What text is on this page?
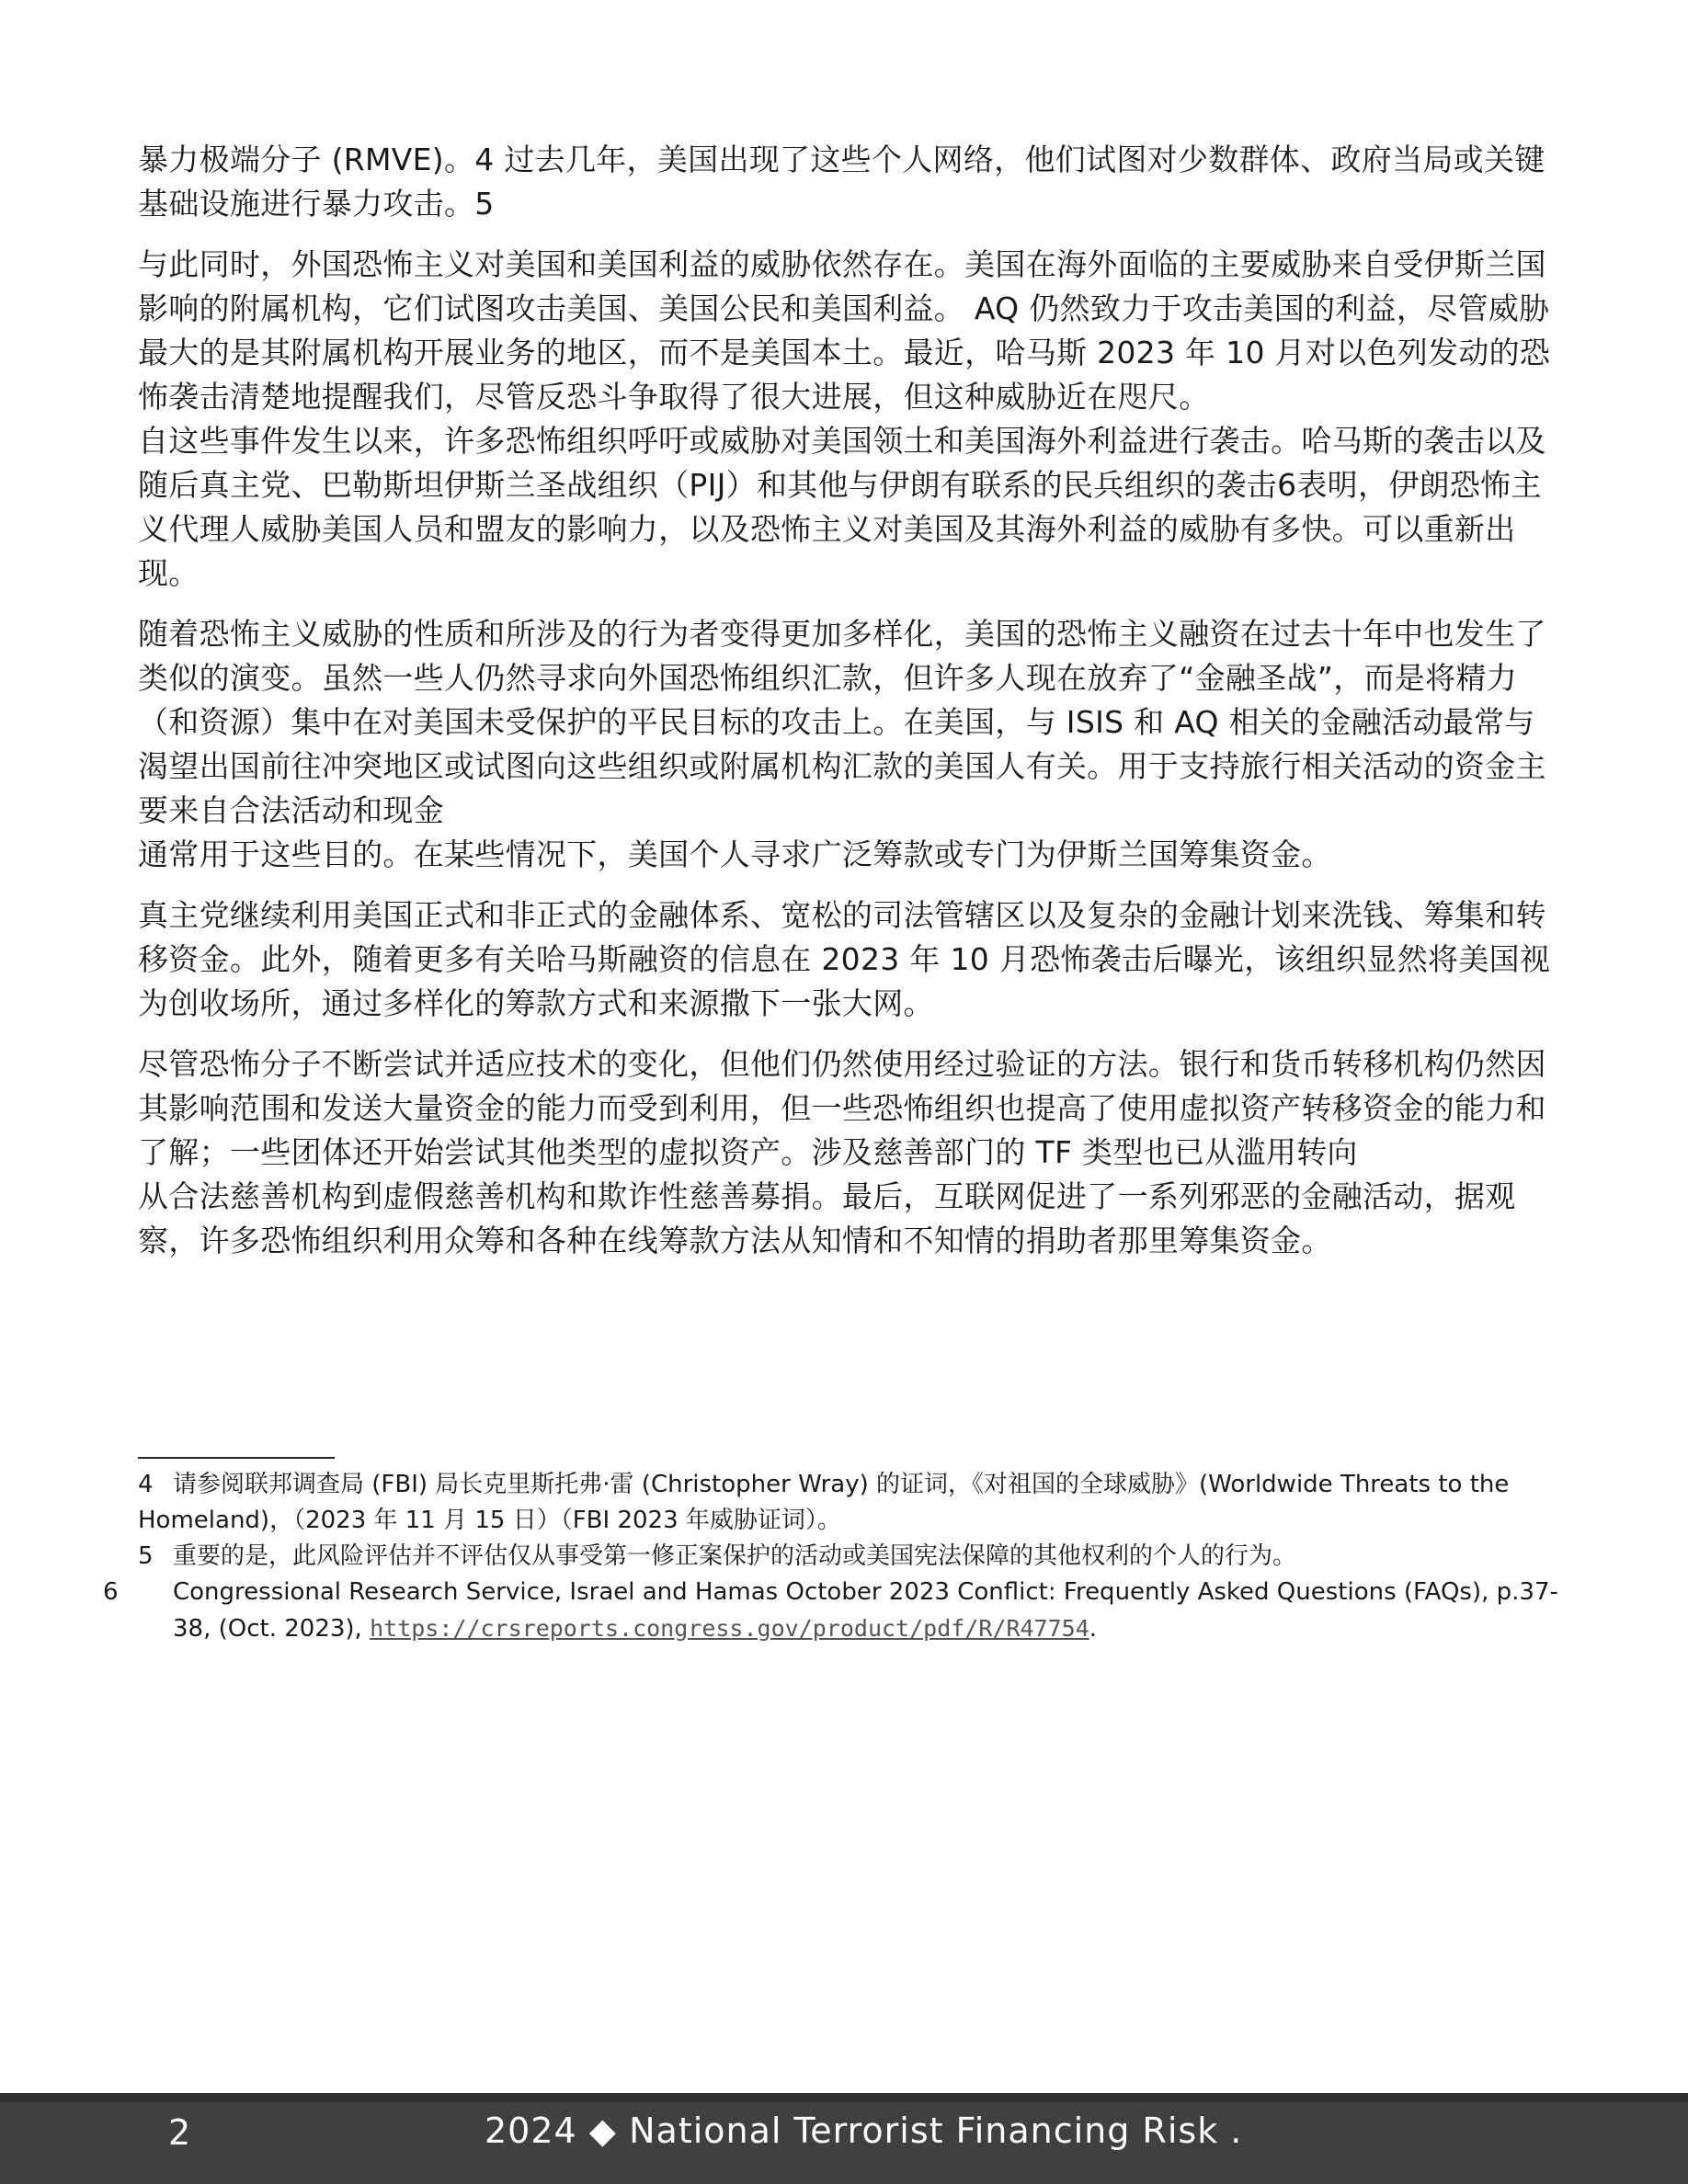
暴力极端分子 (RMVE)。4 过去几年，美国出现了这些个人网络，他们试图对少数群体、政府当局或关键基础设施进行暴力攻击。5

与此同时，外国恐怖主义对美国和美国利益的威胁依然存在。美国在海外面临的主要威胁来自受伊斯兰国影响的附属机构，它们试图攻击美国、美国公民和美国利益。 AQ 仍然致力于攻击美国的利益，尽管威胁最大的是其附属机构开展业务的地区，而不是美国本土。最近，哈马斯 2023 年 10 月对以色列发动的恐怖袭击清楚地提醒我们，尽管反恐斗争取得了很大进展，但这种威胁近在咫尺。

自这些事件发生以来，许多恐怖组织呼吁或威胁对美国领土和美国海外利益进行袭击。哈马斯的袭击以及随后真主党、巴勒斯坦伊斯兰圣战组织（PIJ）和其他与伊朗有联系的民兵组织的袭击6表明，伊朗恐怖主义代理人威胁美国人员和盟友的影响力，以及恐怖主义对美国及其海外利益的威胁有多快。可以重新出现。

随着恐怖主义威胁的性质和所涉及的行为者变得更加多样化，美国的恐怖主义融资在过去十年中也发生了类似的演变。虽然一些人仍然寻求向外国恐怖组织汇款，但许多人现在放弃了“金融圣战”，而是将精力（和资源）集中在对美国未受保护的平民目标的攻击上。在美国，与 ISIS 和 AQ 相关的金融活动最常与渴望出国前往冲突地区或试图向这些组织或附属机构汇款的美国人有关。用于支持旅行相关活动的资金主要来自合法活动和现金

通常用于这些目的。在某些情况下，美国个人寻求广泛筹款或专门为伊斯兰国筹集资金。

真主党继续利用美国正式和非正式的金融体系、宽松的司法管辖区以及复杂的金融计划来洗钱、筹集和转移资金。此外，随着更多有关哈马斯融资的信息在 2023 年 10 月恐怖袭击后曝光，该组织显然将美国视为创收场所，通过多样化的筹款方式和来源撒下一张大网。

尽管恐怖分子不断尝试并适应技术的变化，但他们仍然使用经过验证的方法。银行和货币转移机构仍然因其影响范围和发送大量资金的能力而受到利用，但一些恐怖组织也提高了使用虚拟资产转移资金的能力和了解；一些团体还开始尝试其他类型的虚拟资产。涉及慈善部门的 TF 类型也已从滥用转向

从合法慈善机构到虚假慈善机构和欺诈性慈善募捐。最后，互联网促进了一系列邪恶的金融活动，据观察，许多恐怖组织利用众筹和各种在线筹款方法从知情和不知情的捐助者那里筹集资金。

4 请参阅联邦调查局 (FBI) 局长克里斯托弗·雷 (Christopher Wray) 的证词，《对祖国的全球威胁》(Worldwide Threats to the Homeland)，（2023 年 11 月 15 日）（FBI 2023 年威胁证词）。
5 重要的是，此风险评估并不评估仅从事受第一修正案保护的活动或美国宪法保障的其他权利的个人的行为。
6 Congressional Research Service, Israel and Hamas October 2023 Conflict: Frequently Asked Questions (FAQs), p.37-38, (Oct. 2023), https://crsreports.congress.gov/product/pdf/R/R47754.
2	2024 ◆ National Terrorist Financing Risk .
